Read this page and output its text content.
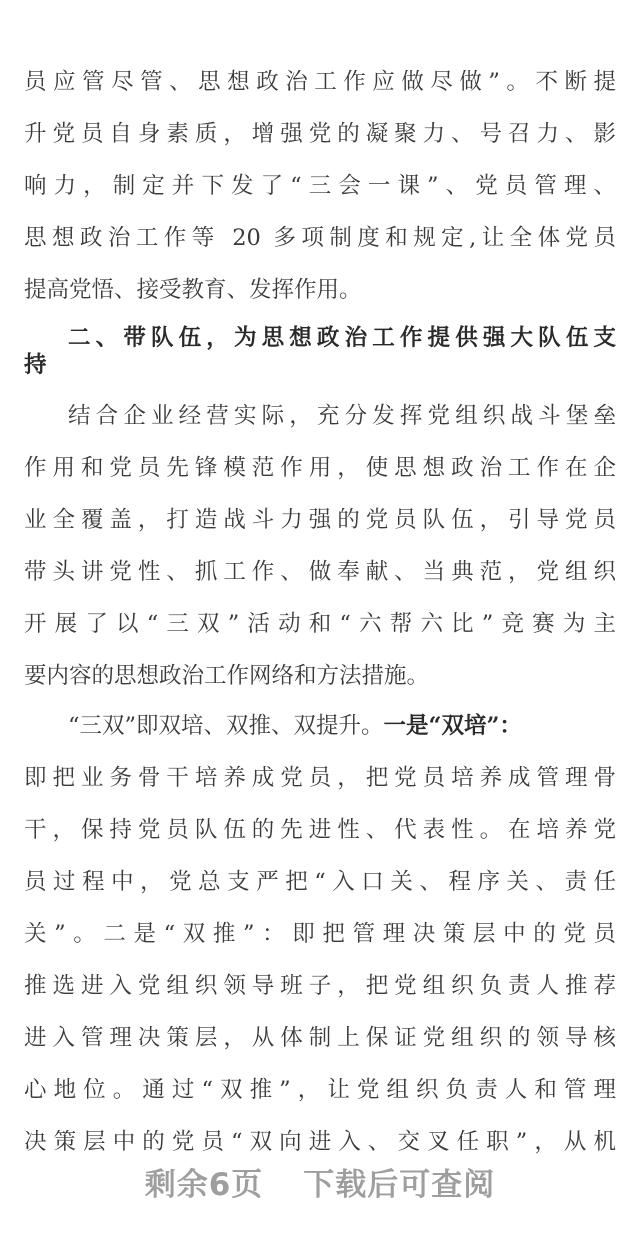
员应管尽管、思想政治工作应做尽做”。不断提
升党员自身素质，增强党的凝聚力、号召力、影
响力，制定并下发了“三会一课”、党员管理、
思想政治工作等 20 多项制度和规定,让全体党员
提高党悟、接受教育、发挥作用。
二、带队伍，为思想政治工作提供强大队伍支
持
结合企业经营实际，充分发挥党组织战斗堡垒
作用和党员先锋模范作用，使思想政治工作在企
业全覆盖，打造战斗力强的党员队伍，引导党员
带头讲党性、抓工作、做奉献、当典范，党组织
开展了以“三双”活动和“六帮六比”竞赛为主
要内容的思想政治工作网络和方法措施。
“三双”即双培、双推、双提升。一是“双培”：
即把业务骨干培养成党员，把党员培养成管理骨
干，保持党员队伍的先进性、代表性。在培养党
员过程中，党总支严把“入口关、程序关、责任
关”。二是“双推”：即把管理决策层中的党员
推选进入党组织领导班子，把党组织负责人推荐
进入管理决策层，从体制上保证党组织的领导核
心地位。通过“双推”，让党组织负责人和管理
决策层中的党员“双向进入、交叉任职”，从机
剩余6页 下载后可查阅
